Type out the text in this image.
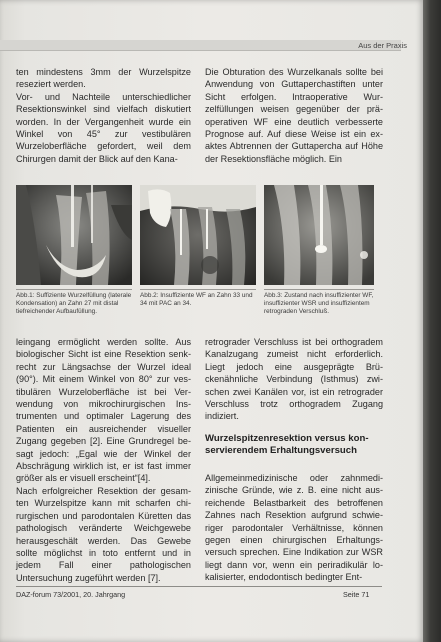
Aus der Praxis

ten mindestens 3mm der Wurzelspitze reseziert werden.

Vor- und Nachteile unterschiedlicher Resektionswinkel sind vielfach diskutiert worden. In der Vergangenheit wurde ein Winkel von 45° zur vestibulären Wurzeloberfläche gefordert, weil dem Chirurgen damit der Blick auf den Kana-

Die Obturation des Wurzelkanals sollte bei Anwendung von Guttaperchastiften unter Sicht erfolgen. Intraoperative Wurzelfüllungen weisen gegenüber der präoperativen WF eine deutlich verbesserte Prognose auf. Auf diese Weise ist ein exaktes Abtrennen der Guttapercha auf Höhe der Resektionsfläche möglich. Ein

Abb.1: Suffiziente Wurzelfüllung (laterale Kondensation) an Zahn 27 mit distal tiefreichender Aufbaufüllung.
Abb.2: Insuffiziente WF an Zahn 33 und 34 mit PAC an 34.
Abb.3: Zustand nach insuffizienter WF, insuffizienter WSR und insuffizientem retrograden Verschluß.

leingang ermöglicht werden sollte. Aus biologischer Sicht ist eine Resektion senkrecht zur Längsachse der Wurzel ideal (90°). Mit einem Winkel von 80° zur vestibulären Wurzeloberfläche ist bei Verwendung von mikrochirurgischen Instrumenten und optimaler Lagerung des Patienten ein ausreichender visueller Zugang gegeben [2]. Eine Grundregel besagt jedoch: „Egal wie der Winkel der Abschrägung wirklich ist, er ist fast immer größer als er visuell erscheint“[4].

Nach erfolgreicher Resektion der gesamten Wurzelspitze kann mit scharfen chirurgischen und parodontalen Küretten das pathologisch veränderte Weichgewebe herausgeschält werden. Das Gewebe sollte möglichst in toto entfernt und in jedem Fall einer pathologischen Untersuchung zugeführt werden [7].

retrograder Verschluss ist bei orthogradem Kanalzugang zumeist nicht erforderlich. Liegt jedoch eine ausgeprägte Brückenähnliche Verbindung (Isthmus) zwischen zwei Kanälen vor, ist ein retrograder Verschluss trotz orthogradem Zugang indiziert.

Wurzelspitzenresektion versus konservierendem Erhaltungsversuch

Allgemeinmedizinische oder zahnmedizinische Gründe, wie z. B. eine nicht ausreichende Belastbarkeit des betroffenen Zahnes nach Resektion aufgrund schwieriger parodontaler Verhältnisse, können gegen einen chirurgischen Erhaltungsversuch sprechen. Eine Indikation zur WSR liegt dann vor, wenn ein periradikulär lokalisierter, endodontisch bedingter Ent-

DAZ-forum 73/2001, 20. Jahrgang	Seite 71
